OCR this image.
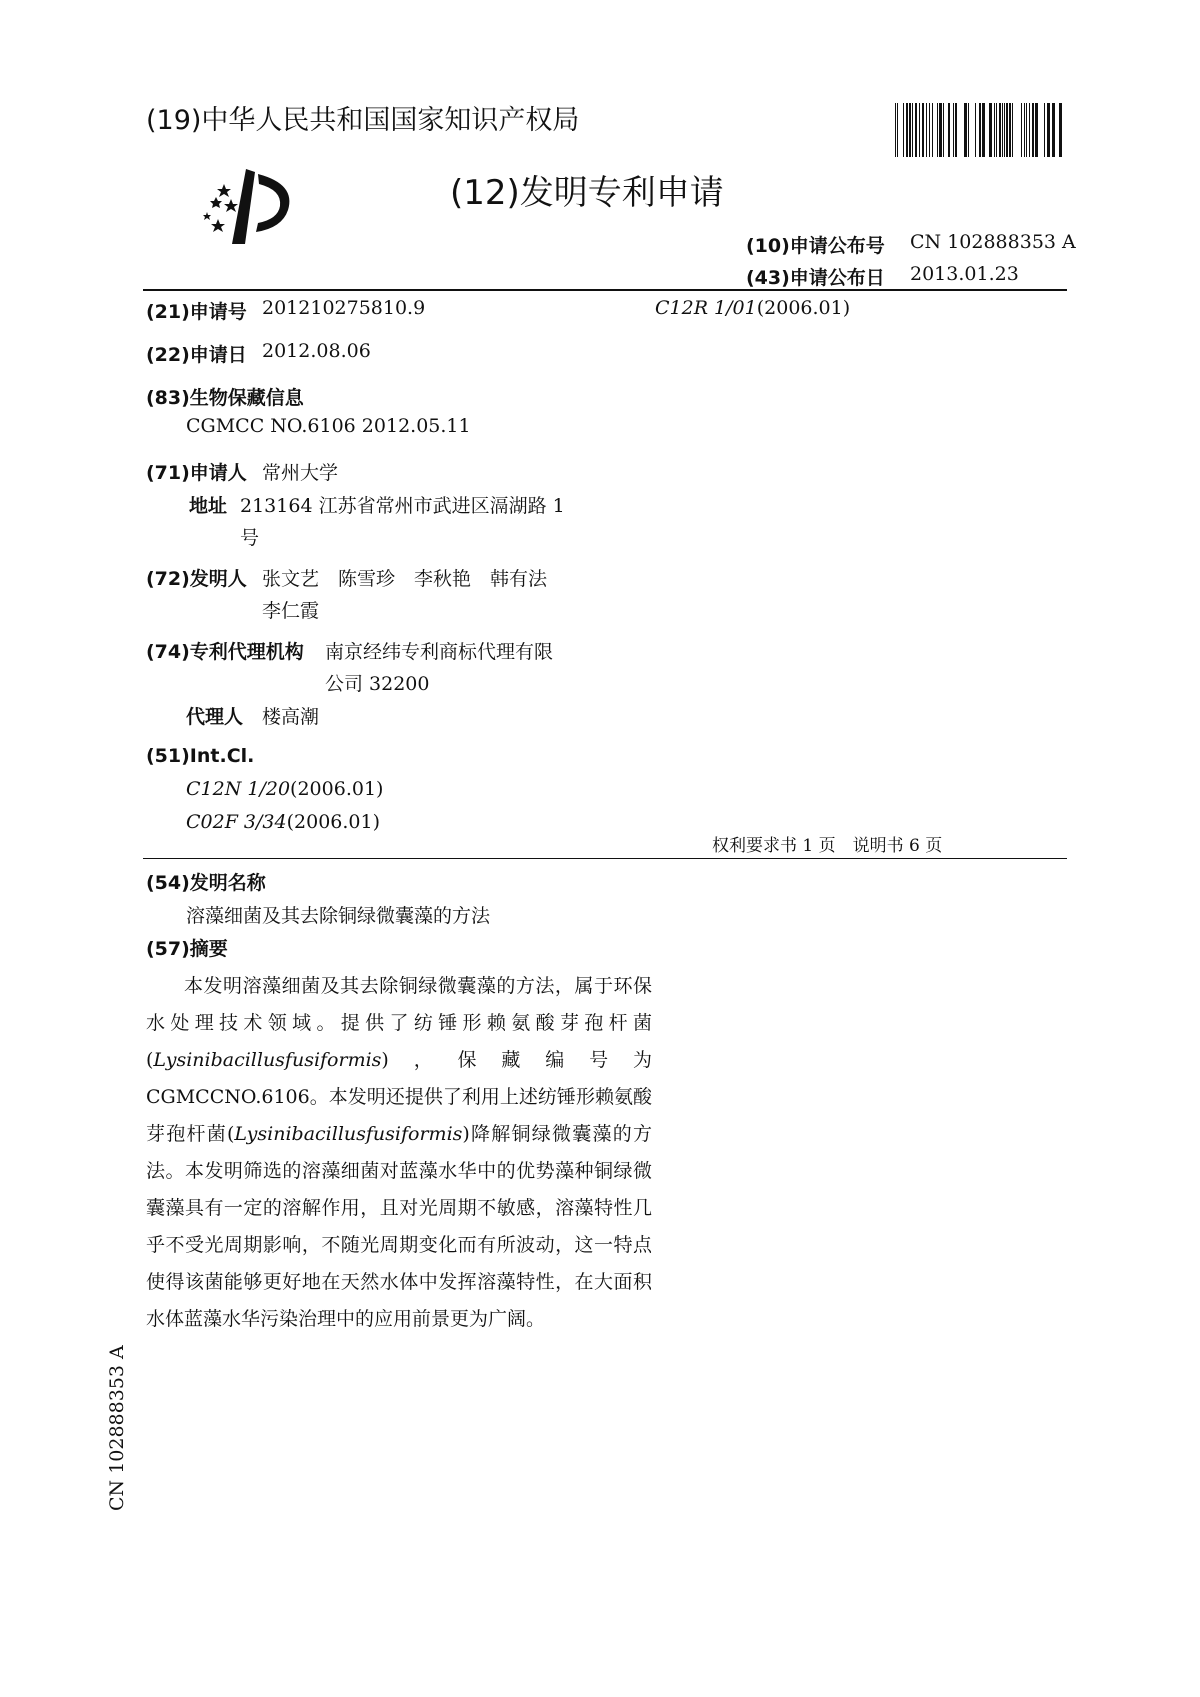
(19)中华人民共和国国家知识产权局
(12)发明专利申请
(10)申请公布号 CN 102888353 A
(43)申请公布日 2013.01.23
(21)申请号 201210275810.9	C12R 1/01(2006.01)
(22)申请日 2012.08.06
(83)生物保藏信息
CGMCC NO.6106 2012.05.11
(71)申请人 常州大学
地址 213164 江苏省常州市武进区滆湖路 1
号
(72)发明人 张文艺　陈雪珍　李秋艳　韩有法
李仁霞
(74)专利代理机构 南京经纬专利商标代理有限
公司 32200
代理人 楼高潮
(51)Int.Cl.
C12N 1/20(2006.01)
C02F 3/34(2006.01)
权利要求书 1 页　说明书 6 页
(54)发明名称
溶藻细菌及其去除铜绿微囊藻的方法
(57)摘要

本发明溶藻细菌及其去除铜绿微囊藻的方法，属于环保水处理技术领域。提供了纺锤形赖氨酸芽孢杆菌(Lysinibacillusfusiformis)，保藏编号为 CGMCCNO.6106。本发明还提供了利用上述纺锤形赖氨酸芽孢杆菌(Lysinibacillusfusiformis)降解铜绿微囊藻的方法。本发明筛选的溶藻细菌对蓝藻水华中的优势藻种铜绿微囊藻具有一定的溶解作用，且对光周期不敏感，溶藻特性几乎不受光周期影响，不随光周期变化而有所波动，这一特点使得该菌能够更好地在天然水体中发挥溶藻特性，在大面积水体蓝藻水华污染治理中的应用前景更为广阔。

CN 102888353 A
